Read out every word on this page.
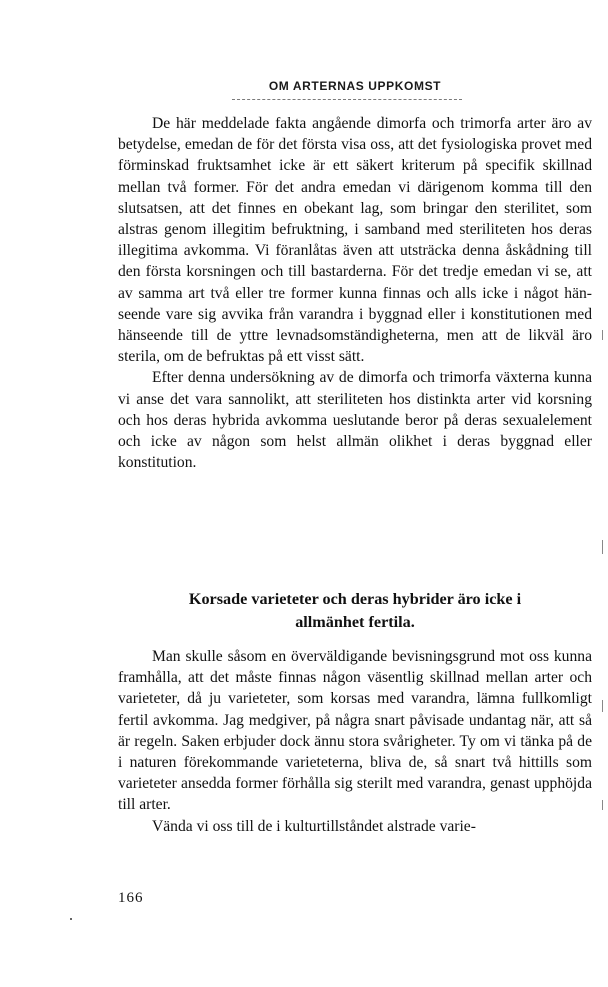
OM ARTERNAS UPPKOMST

De här meddelade fakta angående dimorfa och trimorfa arter äro av betydelse, emedan de för det första visa oss, att det fysiologiska provet med förminskad fruktsamhet icke är ett säkert kriterum på specifik skillnad mellan två former. För det andra emedan vi därigenom komma till den slutsatsen, att det finnes en obekant lag, som bringar den sterilitet, som alstras genom illegitim befruktning, i samband med steriliteten hos deras illegitima avkomma. Vi föranlåtas även att utsträcka denna åskådning till den första korsningen och till bastarderna. För det tredje emedan vi se, att av samma art två eller tre former kunna finnas och alls icke i något hänseende vare sig avvika från varandra i byggnad eller i konstitutionen med hänseende till de yttre levnadsomständigheterna, men att de likväl äro sterila, om de befruktas på ett visst sätt.

Efter denna undersökning av de dimorfa och trimorfa växterna kunna vi anse det vara sannolikt, att steriliteten hos distinkta arter vid korsning och hos deras hybrida avkomma ueslutande beror på deras sexualelement och icke av någon som helst allmän olikhet i deras byggnad eller konstitution.

Korsade varieteter och deras hybrider äro icke i
allmänhet fertila.

Man skulle såsom en överväldigande bevisningsgrund mot oss kunna framhålla, att det måste finnas någon väsentlig skillnad mellan arter och varieteter, då ju varieteter, som korsas med varandra, lämna fullkomligt fertil avkomma. Jag medgiver, på några snart påvisade undantag när, att så är regeln. Saken erbjuder dock ännu stora svårigheter. Ty om vi tänka på de i naturen förekommande varieteterna, bliva de, så snart två hittills som varieteter ansedda former förhålla sig sterilt med varandra, genast upphöjda till arter.

Vända vi oss till de i kulturtillståndet alstrade varie-

166
